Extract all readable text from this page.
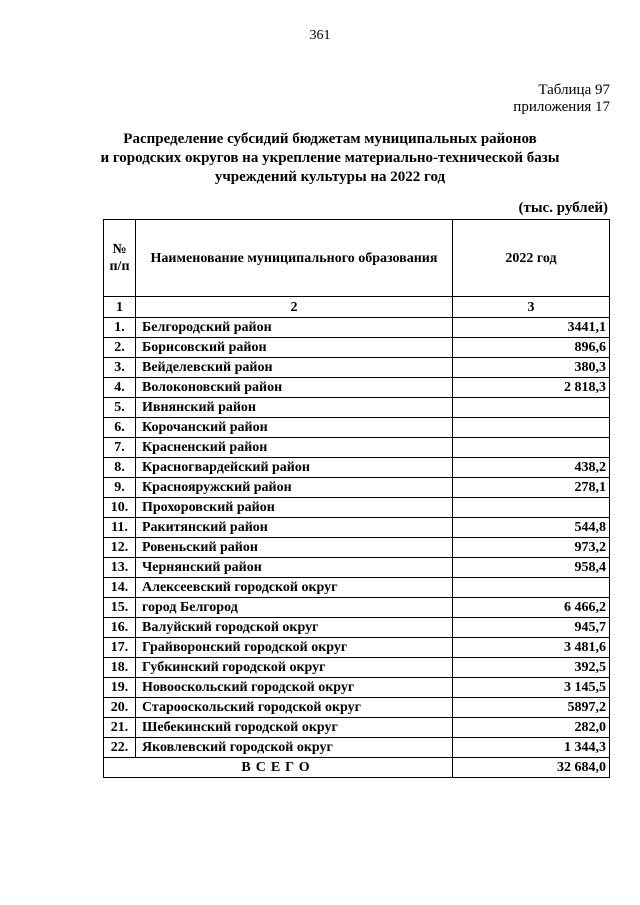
361
Таблица 97
приложения 17
Распределение субсидий бюджетам муниципальных районов
и городских округов на укрепление материально-технической базы
учреждений культуры на 2022 год
(тыс. рублей)
№ п/п	Наименование муниципального образования	2022 год
1	2	3
1.	Белгородский район	3441,1
2.	Борисовский район	896,6
3.	Вейделевский район	380,3
4.	Волоконовский район	2 818,3
5.	Ивнянский район	
6.	Корочанский район	
7.	Красненский район	
8.	Красногвардейский район	438,2
9.	Краснояружский район	278,1
10.	Прохоровский район	
11.	Ракитянский район	544,8
12.	Ровеньский район	973,2
13.	Чернянский район	958,4
14.	Алексеевский городской округ	
15.	город Белгород	6 466,2
16.	Валуйский городской округ	945,7
17.	Грайворонский городской округ	3 481,6
18.	Губкинский городской округ	392,5
19.	Новооскольский городской округ	3 145,5
20.	Старооскольский городской округ	5897,2
21.	Шебекинский городской округ	282,0
22.	Яковлевский городской округ	1 344,3
ВСЕГО		32 684,0
